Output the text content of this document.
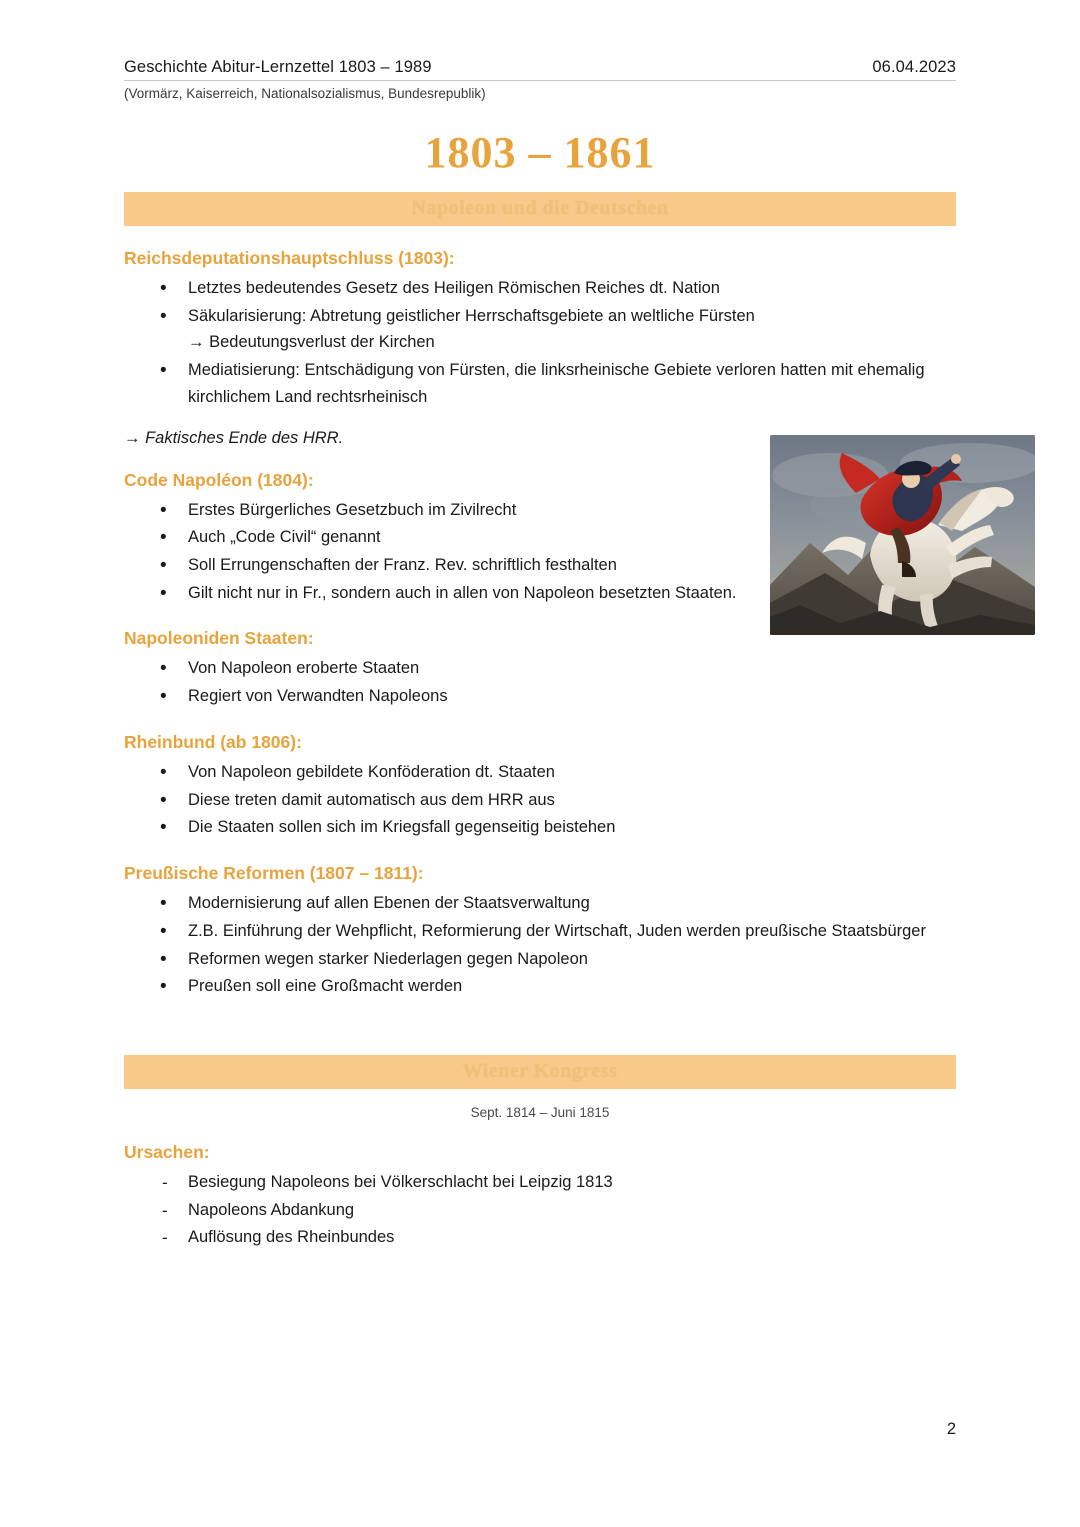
Geschichte Abitur-Lernzettel 1803 – 1989	06.04.2023
(Vormärz, Kaiserreich, Nationalsozialismus, Bundesrepublik)
1803 – 1861
Napoleon und die Deutschen
Reichsdeputationshauptschluss (1803):
• Letztes bedeutendes Gesetz des Heiligen Römischen Reiches dt. Nation
• Säkularisierung: Abtretung geistlicher Herrschaftsgebiete an weltliche Fürsten
→ Bedeutungsverlust der Kirchen
• Mediatisierung: Entschädigung von Fürsten, die linksrheinische Gebiete verloren hatten mit ehemalig kirchlichem Land rechtsrheinisch

→ Faktisches Ende des HRR.

Code Napoléon (1804):
• Erstes Bürgerliches Gesetzbuch im Zivilrecht
• Auch „Code Civil“ genannt
• Soll Errungenschaften der Franz. Rev. schriftlich festhalten
• Gilt nicht nur in Fr., sondern auch in allen von Napoleon besetzten Staaten.
Napoleoniden Staaten:
• Von Napoleon eroberte Staaten
• Regiert von Verwandten Napoleons
Rheinbund (ab 1806):
• Von Napoleon gebildete Konföderation dt. Staaten
• Diese treten damit automatisch aus dem HRR aus
• Die Staaten sollen sich im Kriegsfall gegenseitig beistehen
Preußische Reformen (1807 – 1811):
• Modernisierung auf allen Ebenen der Staatsverwaltung
• Z.B. Einführung der Wehpflicht, Reformierung der Wirtschaft, Juden werden preußische Staatsbürger
• Reformen wegen starker Niederlagen gegen Napoleon
• Preußen soll eine Großmacht werden
Wiener Kongress
Sept. 1814 – Juni 1815
Ursachen:
- Besiegung Napoleons bei Völkerschlacht bei Leipzig 1813
- Napoleons Abdankung
- Auflösung des Rheinbundes
2
